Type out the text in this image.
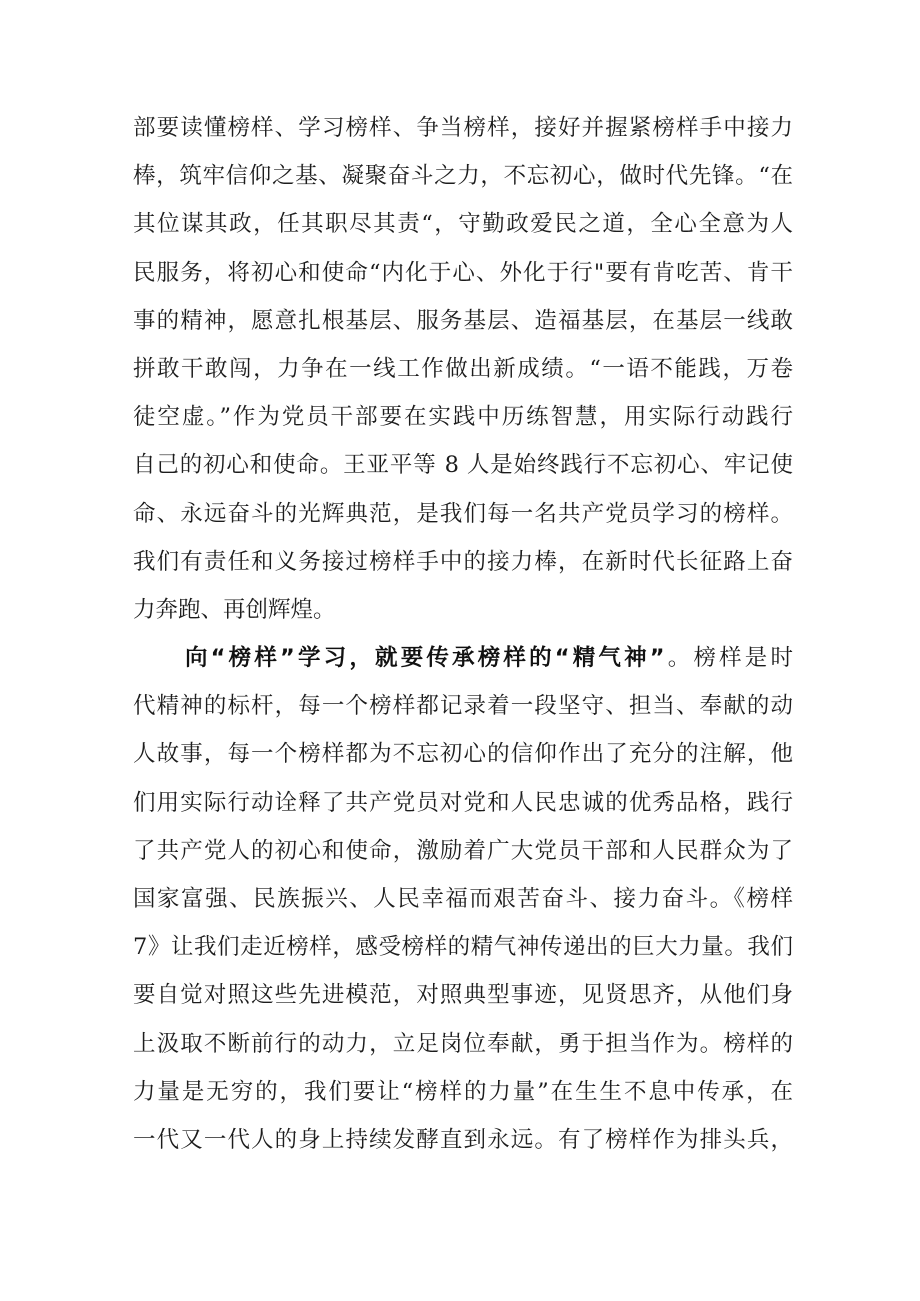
部要读懂榜样、学习榜样、争当榜样，接好并握紧榜样手中接力
棒，筑牢信仰之基、凝聚奋斗之力，不忘初心，做时代先锋。“在
其位谋其政，任其职尽其责“，守勤政爱民之道，全心全意为人
民服务，将初心和使命“内化于心、外化于行"要有肯吃苦、肯干
事的精神，愿意扎根基层、服务基层、造福基层，在基层一线敢
拼敢干敢闯，力争在一线工作做出新成绩。“一语不能践，万卷
徒空虚。”作为党员干部要在实践中历练智慧，用实际行动践行
自己的初心和使命。王亚平等 8 人是始终践行不忘初心、牢记使
命、永远奋斗的光辉典范，是我们每一名共产党员学习的榜样。
我们有责任和义务接过榜样手中的接力棒，在新时代长征路上奋
力奔跑、再创辉煌。
向“榜样”学习，就要传承榜样的“精气神”。榜样是时
代精神的标杆，每一个榜样都记录着一段坚守、担当、奉献的动
人故事，每一个榜样都为不忘初心的信仰作出了充分的注解，他
们用实际行动诠释了共产党员对党和人民忠诚的优秀品格，践行
了共产党人的初心和使命，激励着广大党员干部和人民群众为了
国家富强、民族振兴、人民幸福而艰苦奋斗、接力奋斗。《榜样
7》让我们走近榜样，感受榜样的精气神传递出的巨大力量。我们
要自觉对照这些先进模范，对照典型事迹，见贤思齐，从他们身
上汲取不断前行的动力，立足岗位奉献，勇于担当作为。榜样的
力量是无穷的，我们要让“榜样的力量”在生生不息中传承，在
一代又一代人的身上持续发酵直到永远。有了榜样作为排头兵，
